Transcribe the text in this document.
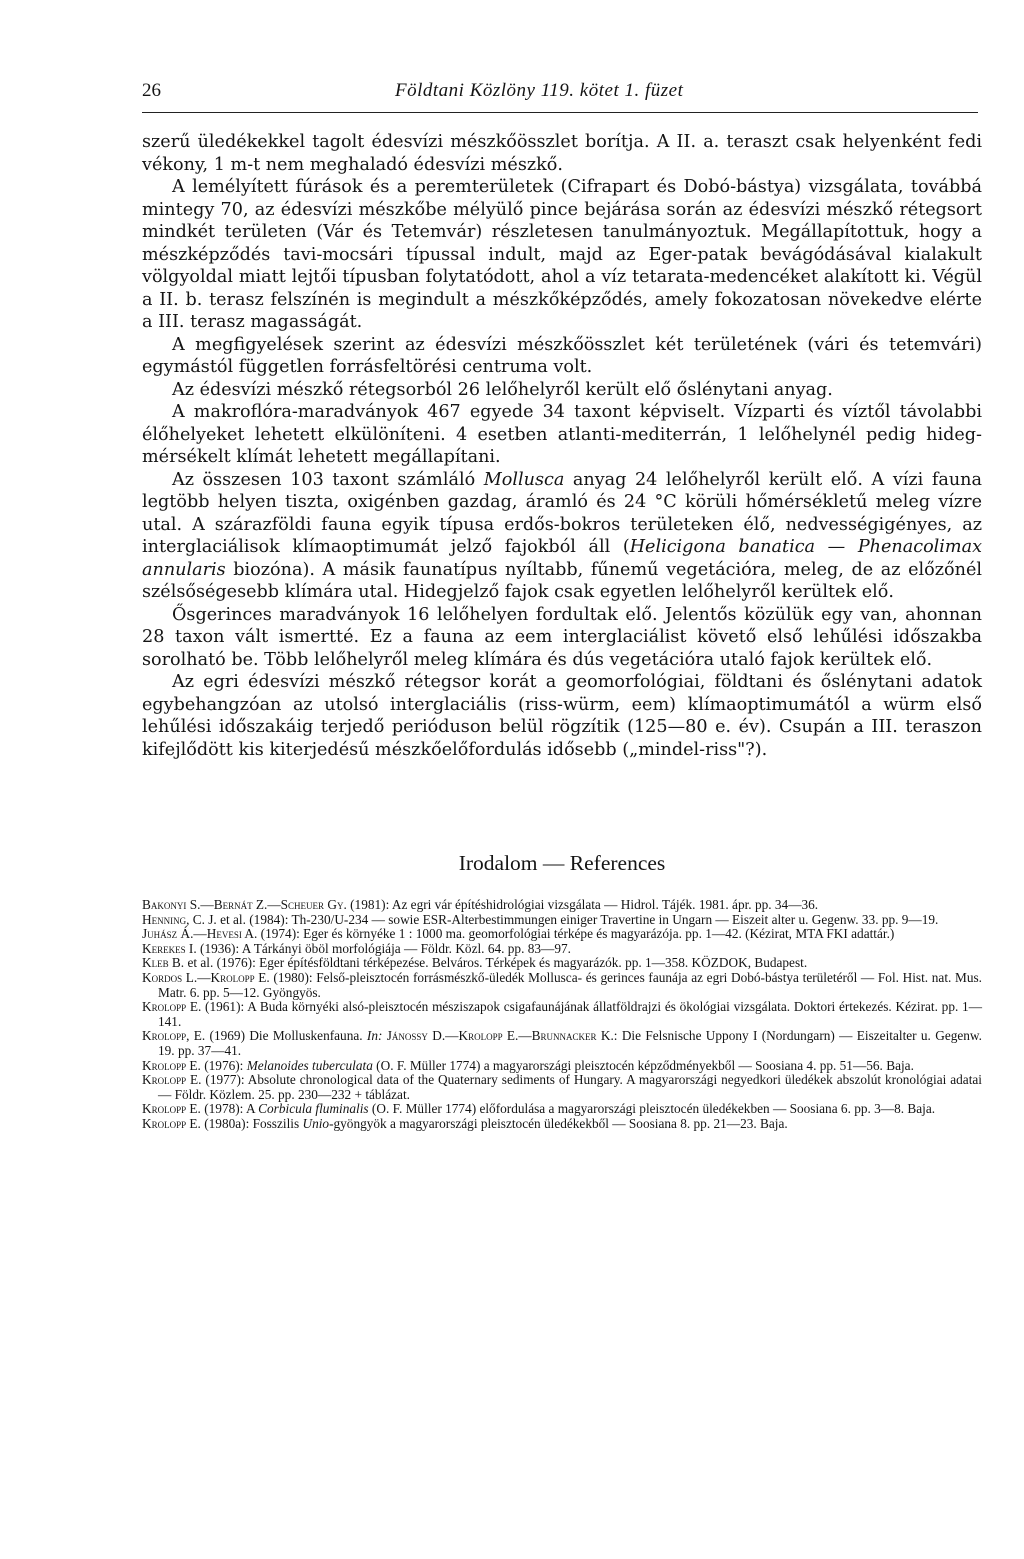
26	Földtani Közlöny 119. kötet 1. füzet

szerű üledékekkel tagolt édesvízi mészkőösszlet borítja. A II. a. teraszt csak helyenként fedi vékony, 1 m-t nem meghaladó édesvízi mészkő.

A lemélyített fúrások és a peremterületek (Cifrapart és Dobó-bástya) vizsgálata, továbbá mintegy 70, az édesvízi mészkőbe mélyülő pince bejárása során az édesvízi mészkő rétegsort mindkét területen (Vár és Tetemvár) részletesen tanulmányoztuk. Megállapítottuk, hogy a mészképződés tavi-mocsári típussal indult, majd az Eger-patak bevágódásával kialakult völgyoldal miatt lejtői típusban folytatódott, ahol a víz tetarata-medencéket alakított ki. Végül a II. b. terasz felszínén is megindult a mészkőképződés, amely fokozatosan növekedve elérte a III. terasz magasságát.

A megfigyelések szerint az édesvízi mészkőösszlet két területének (vári és tetemvári) egymástól független forrásfeltörési centruma volt.

Az édesvízi mészkő rétegsorból 26 lelőhelyről került elő őslénytani anyag.

A makroflóra-maradványok 467 egyede 34 taxont képviselt. Vízparti és víztől távolabbi élőhelyeket lehetett elkülöníteni. 4 esetben atlanti-mediterrán, 1 lelőhelynél pedig hideg-mérsékelt klímát lehetett megállapítani.

Az összesen 103 taxont számláló Mollusca anyag 24 lelőhelyről került elő. A vízi fauna legtöbb helyen tiszta, oxigénben gazdag, áramló és 24 °C körüli hőmérsékletű meleg vízre utal. A szárazföldi fauna egyik típusa erdős-bokros területeken élő, nedvességigényes, az interglaciálisok klímaoptimumát jelző fajokból áll (Helicigona banatica — Phenacolimax annularis biozóna). A másik faunatípus nyíltabb, fűnemű vegetációra, meleg, de az előzőnél szélsőségesebb klímára utal. Hidegjelző fajok csak egyetlen lelőhelyről kerültek elő.

Ősgerinces maradványok 16 lelőhelyen fordultak elő. Jelentős közülük egy van, ahonnan 28 taxon vált ismertté. Ez a fauna az eem interglaciálist követő első lehűlési időszakba sorolható be. Több lelőhelyről meleg klímára és dús vegetációra utaló fajok kerültek elő.

Az egri édesvízi mészkő rétegsor korát a geomorfológiai, földtani és őslénytani adatok egybehangzóan az utolsó interglaciális (riss-würm, eem) klímaoptimumától a würm első lehűlési időszakáig terjedő perióduson belül rögzítik (125—80 e. év). Csupán a III. teraszon kifejlődött kis kiterjedésű mészkőelőfordulás idősebb („mindel-riss"?).

Irodalom — References

Bakonyi S.—Bernát Z.—Scheuer Gy. (1981): Az egri vár építéshidrológiai vizsgálata — Hidrol. Tájék. 1981. ápr. pp. 34—36.

Henning, C. J. et al. (1984): Th-230/U-234 — sowie ESR-Alterbestimmungen einiger Travertine in Ungarn — Eiszeit alter u. Gegenw. 33. pp. 9—19.

Juhász Á.—Hevesi A. (1974): Eger és környéke 1 : 1000 ma. geomorfológiai térképe és magyarázója. pp. 1—42. (Kézirat, MTA FKI adattár.)

Kerekes I. (1936): A Tárkányi öböl morfológiája — Földr. Közl. 64. pp. 83—97.

Kleb B. et al. (1976): Eger építésföldtani térképezése. Belváros. Térképek és magyarázók. pp. 1—358. KÖZDOK, Budapest.

Kordos L.—Krolopp E. (1980): Felső-pleisztocén forrásmészkő-üledék Mollusca- és gerinces faunája az egri Dobó-bástya területéről — Fol. Hist. nat. Mus. Matr. 6. pp. 5—12. Gyöngyös.

Krolopp E. (1961): A Buda környéki alsó-pleisztocén mésziszapok csigafaunájának állatföldrajzi és ökológiai vizsgálata. Doktori értekezés. Kézirat. pp. 1—141.

Krolopp, E. (1969) Die Molluskenfauna. In: Jánossy D.—Krolopp E.—Brunnacker K.: Die Felsnische Uppony I (Nordungarn) — Eiszeitalter u. Gegenw. 19. pp. 37—41.

Krolopp E. (1976): Melanoides tuberculata (O. F. Müller 1774) a magyarországi pleisztocén képződményekből — Soosiana 4. pp. 51—56. Baja.

Krolopp E. (1977): Absolute chronological data of the Quaternary sediments of Hungary. A magyarországi negyedkori üledékek abszolút kronológiai adatai — Földr. Közlem. 25. pp. 230—232 + táblázat.

Krolopp E. (1978): A Corbicula fluminalis (O. F. Müller 1774) előfordulása a magyarországi pleisztocén üledékekben — Soosiana 6. pp. 3—8. Baja.

Krolopp E. (1980a): Fosszilis Unio-gyöngyök a magyarországi pleisztocén üledékekből — Soosiana 8. pp. 21—23. Baja.
